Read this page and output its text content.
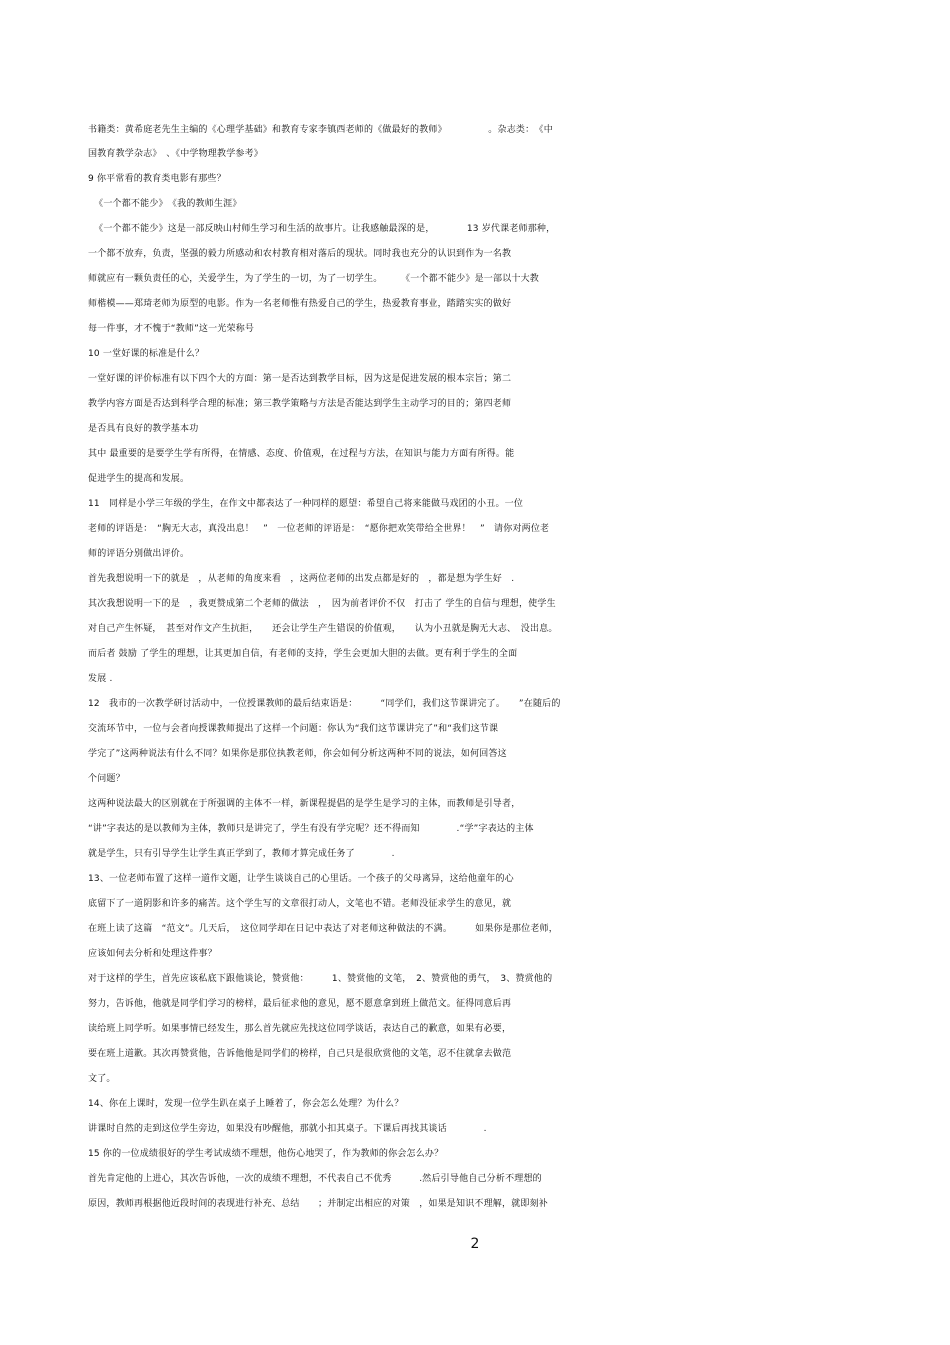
书籍类：黄希庭老先生主编的《心理学基础》和教育专家李镇西老师的《做最好的教师》　　　　　。杂志类：　《中
国教育教学杂志》　、《中学物理教学参考》
9 你平常看的教育类电影有那些？
《一个都不能少》　《我的教师生涯》
《一个都不能少》这是一部反映山村师生学习和生活的故事片。让我感触最深的是，　　　　13 岁代课老师那种，
一个都不放弃，负责，坚强的毅力所感动和农村教育相对落后的现状。同时我也充分的认识到作为一名教
师就应有一颗负责任的心，关爱学生，为了学生的一切，为了一切学生。　　　《一个都不能少》是一部以十大教
师楷模——郑琦老师为原型的电影。作为一名老师惟有热爱自己的学生，热爱教育事业，踏踏实实的做好
每一件事，才不愧于“教师”这一光荣称号
10 一堂好课的标准是什么？
一堂好课的评价标准有以下四个大的方面：第一是否达到教学目标，因为这是促进发展的根本宗旨；第二
教学内容方面是否达到科学合理的标准；第三教学策略与方法是否能达到学生主动学习的目的；第四老师
是否具有良好的教学基本功
其中 最重要的是要学生学有所得，在情感、态度、价值观，在过程与方法，在知识与能力方面有所得。能
促进学生的提高和发展。
11　同样是小学三年级的学生，在作文中都表达了一种同样的愿望：希望自己将来能做马戏团的小丑。一位
老师的评语是：　“胸无大志，真没出息！　”　一位老师的评语是：　“愿你把欢笑带给全世界！　”　请你对两位老
师的评语分别做出评价。
首先我想说明一下的就是　，从老师的角度来看　，这两位老师的出发点都是好的　，都是想为学生好　.
其次我想说明一下的是　，我更赞成第二个老师的做法　，　因为前者评价不仅　打击了 学生的自信与理想，使学生
对自己产生怀疑，　甚至对作文产生抗拒，　　还会让学生产生错误的价值观，　　认为小丑就是胸无大志、　没出息。
而后者 鼓励 了学生的理想，让其更加自信，有老师的支持，学生会更加大胆的去做。更有利于学生的全面
发展 .
12　我市的一次教学研讨活动中，一位授课教师的最后结束语是：　　　“同学们，我们这节课讲完了。　　”在随后的
交流环节中，一位与会者向授课教师提出了这样一个问题：你认为“我们这节课讲完了”和“我们这节课
学完了”这两种说法有什么不同？如果你是那位执教老师，你会如何分析这两种不同的说法，如何回答这
个问题？
这两种说法最大的区别就在于所强调的主体不一样，新课程提倡的是学生是学习的主体，而教师是引导者，
“讲”字表达的是以教师为主体，教师只是讲完了，学生有没有学完呢？还不得而知　　　　.“学”字表达的主体
就是学生，只有引导学生让学生真正学到了，教师才算完成任务了　　　　.
13、一位老师布置了这样一道作文题，让学生谈谈自己的心里话。一个孩子的父母离异，这给他童年的心
底留下了一道阴影和许多的痛苦。这个学生写的文章很打动人，文笔也不错。老师没征求学生的意见，就
在班上读了这篇　“范文”。几天后，　这位同学却在日记中表达了对老师这种做法的不满。　　　如果你是那位老师，
应该如何去分析和处理这件事？
对于这样的学生，首先应该私底下跟他谈论，赞赏他：　　　1、赞赏他的文笔，　2、赞赏他的勇气，　3、赞赏他的
努力，告诉他，他就是同学们学习的榜样，最后征求他的意见，愿不愿意拿到班上做范文。征得同意后再
读给班上同学听。如果事情已经发生，那么首先就应先找这位同学谈话，表达自己的歉意，如果有必要，
要在班上道歉。其次再赞赏他，告诉他他是同学们的榜样，自己只是很欣赏他的文笔，忍不住就拿去做范
文了。
14、你在上课时，发现一位学生趴在桌子上睡着了，你会怎么处理？为什么？
讲课时自然的走到这位学生旁边，如果没有吵醒他，那就小扣其桌子。下课后再找其谈话　　　　.
15 你的一位成绩很好的学生考试成绩不理想，他伤心地哭了，作为教师的你会怎么办？
首先肯定他的上进心，其次告诉他，一次的成绩不理想，不代表自己不优秀　　　.然后引导他自己分析不理想的
原因，教师再根据他近段时间的表现进行补充、总结　　；并制定出相应的对策　，如果是知识不理解，就即刻补
2
